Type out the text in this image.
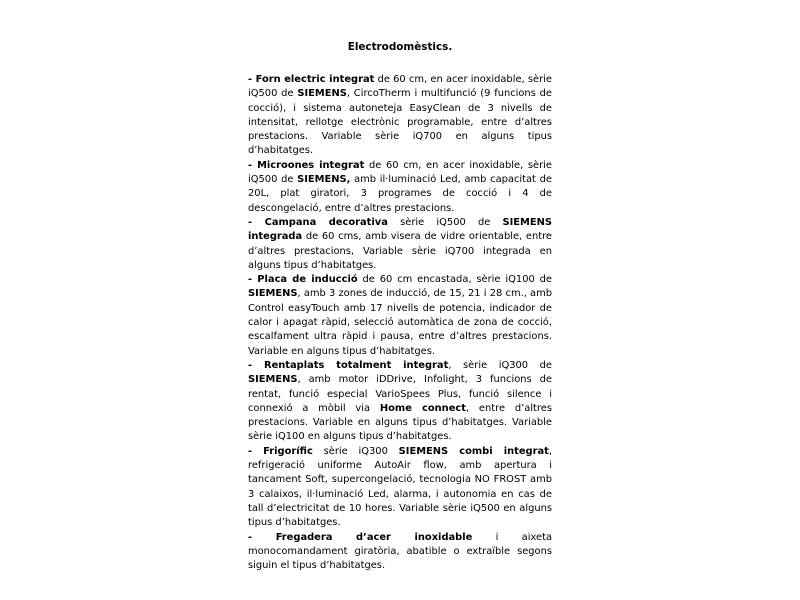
Electrodomèstics.

- Forn electric integrat de 60 cm, en acer inoxidable, sèrie iQ500 de SIEMENS, CircoTherm i multifunció (9 funcions de cocció), i sistema autoneteja EasyClean de 3 nivells de intensitat, rellotge electrònic programable, entre d’altres prestacions. Variable sèrie iQ700 en alguns tipus d’habitatges.

- Microones integrat de 60 cm, en acer inoxidable, sèrie iQ500 de SIEMENS, amb il·luminació Led, amb capacitat de 20L, plat giratori, 3 programes de cocció i 4 de descongelació, entre d’altres prestacions.

- Campana decorativa sèrie iQ500 de SIEMENS integrada de 60 cms, amb visera de vidre orientable, entre d’altres prestacions, Variable sèrie iQ700 integrada en alguns tipus d’habitatges.

- Placa de inducció de 60 cm encastada, sèrie iQ100 de SIEMENS, amb 3 zones de inducció, de 15, 21 i 28 cm., amb Control easyTouch amb 17 nivells de potencia, indicador de calor i apagat ràpid, selecció automàtica de zona de cocció, escalfament ultra ràpid i pausa, entre d’altres prestacions. Variable en alguns tipus d’habitatges.

- Rentaplats totalment integrat, sèrie iQ300 de SIEMENS, amb motor iDDrive, Infolight, 3 funcions de rentat, funció especial VarioSpees Plus, funció silence i connexió a mòbil via Home connect, entre d’altres prestacions. Variable en alguns tipus d’habitatges. Variable sèrie iQ100 en alguns tipus d’habitatges.

- Frigorífic sèrie iQ300 SIEMENS combi integrat, refrigeració uniforme AutoAir flow, amb apertura i tancament Soft, supercongelació, tecnologia NO FROST amb 3 calaixos, il·luminació Led, alarma, i autonomia en cas de tall d’electricitat de 10 hores. Variable sèrie iQ500 en alguns tipus d’habitatges.

- Fregadera d’acer inoxidable i aixeta monocomandament giratòria, abatible o extraïble segons siguin el tipus d’habitatges.
